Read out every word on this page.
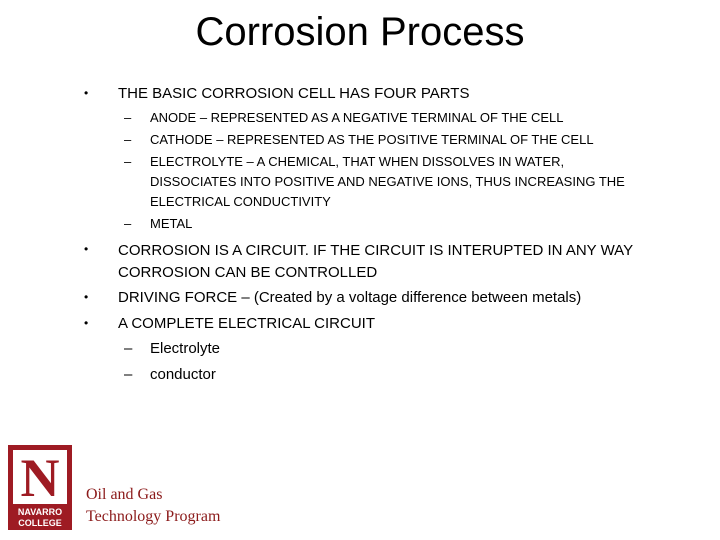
Corrosion Process
•	THE BASIC CORROSION CELL HAS FOUR PARTS
– ANODE – REPRESENTED AS A NEGATIVE TERMINAL OF THE CELL
– CATHODE – REPRESENTED AS THE POSITIVE TERMINAL OF THE CELL
– ELECTROLYTE – A CHEMICAL, THAT WHEN DISSOLVES IN WATER, DISSOCIATES INTO POSITIVE AND NEGATIVE IONS, THUS INCREASING THE ELECTRICAL CONDUCTIVITY
– METAL
•	CORROSION IS A CIRCUIT. IF THE CIRCUIT IS INTERUPTED IN ANY WAY CORROSION CAN BE CONTROLLED
•	DRIVING FORCE – (Created by a voltage difference between metals)
•	A COMPLETE ELECTRICAL CIRCUIT
– Electrolyte
– conductor
N
NAVARRO
COLLEGE
Oil and Gas
Technology Program
